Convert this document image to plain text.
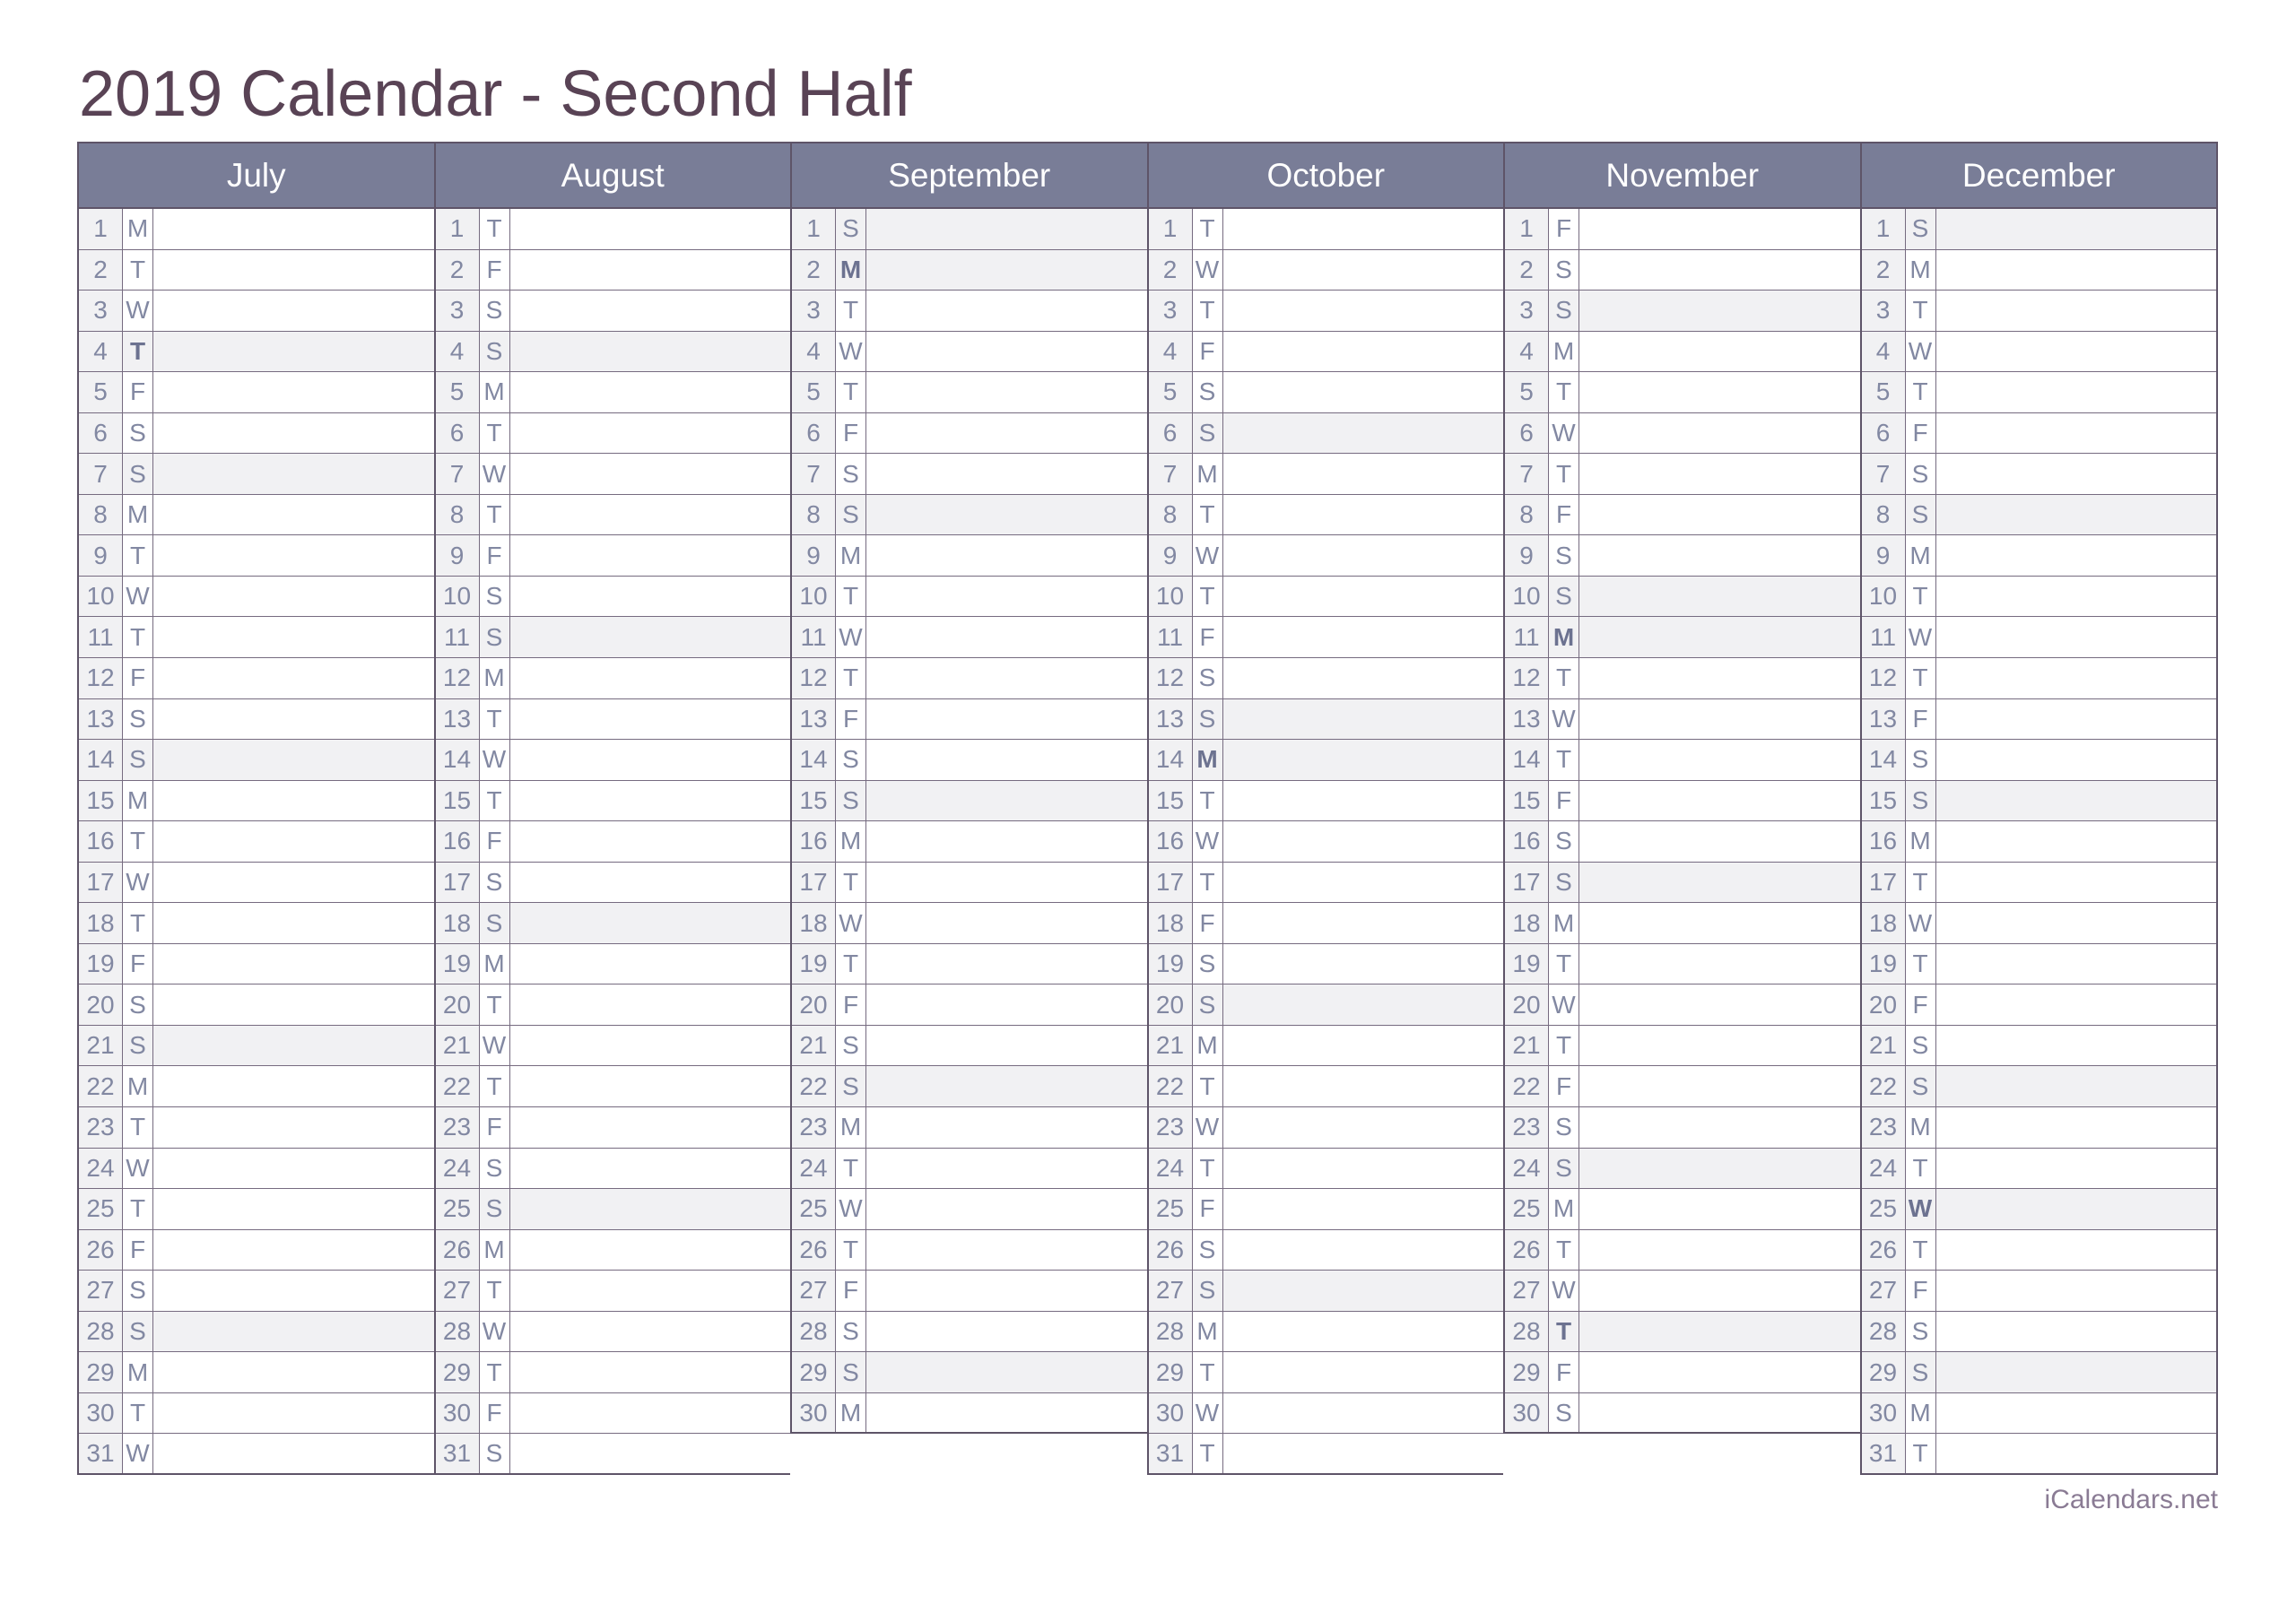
2019 Calendar - Second Half
July
1 M
2 T
3 W
4 T
5 F
6 S
7 S
8 M
9 T
10 W
11 T
12 F
13 S
14 S
15 M
16 T
17 W
18 T
19 F
20 S
21 S
22 M
23 T
24 W
25 T
26 F
27 S
28 S
29 M
30 T
31 W
August
1 T
2 F
3 S
4 S
5 M
6 T
7 W
8 T
9 F
10 S
11 S
12 M
13 T
14 W
15 T
16 F
17 S
18 S
19 M
20 T
21 W
22 T
23 F
24 S
25 S
26 M
27 T
28 W
29 T
30 F
31 S
September
1 S
2 M
3 T
4 W
5 T
6 F
7 S
8 S
9 M
10 T
11 W
12 T
13 F
14 S
15 S
16 M
17 T
18 W
19 T
20 F
21 S
22 S
23 M
24 T
25 W
26 T
27 F
28 S
29 S
30 M
October
1 T
2 W
3 T
4 F
5 S
6 S
7 M
8 T
9 W
10 T
11 F
12 S
13 S
14 M
15 T
16 W
17 T
18 F
19 S
20 S
21 M
22 T
23 W
24 T
25 F
26 S
27 S
28 M
29 T
30 W
31 T
November
1 F
2 S
3 S
4 M
5 T
6 W
7 T
8 F
9 S
10 S
11 M
12 T
13 W
14 T
15 F
16 S
17 S
18 M
19 T
20 W
21 T
22 F
23 S
24 S
25 M
26 T
27 W
28 T
29 F
30 S
December
1 S
2 M
3 T
4 W
5 T
6 F
7 S
8 S
9 M
10 T
11 W
12 T
13 F
14 S
15 S
16 M
17 T
18 W
19 T
20 F
21 S
22 S
23 M
24 T
25 W
26 T
27 F
28 S
29 S
30 M
31 T
iCalendars.net
